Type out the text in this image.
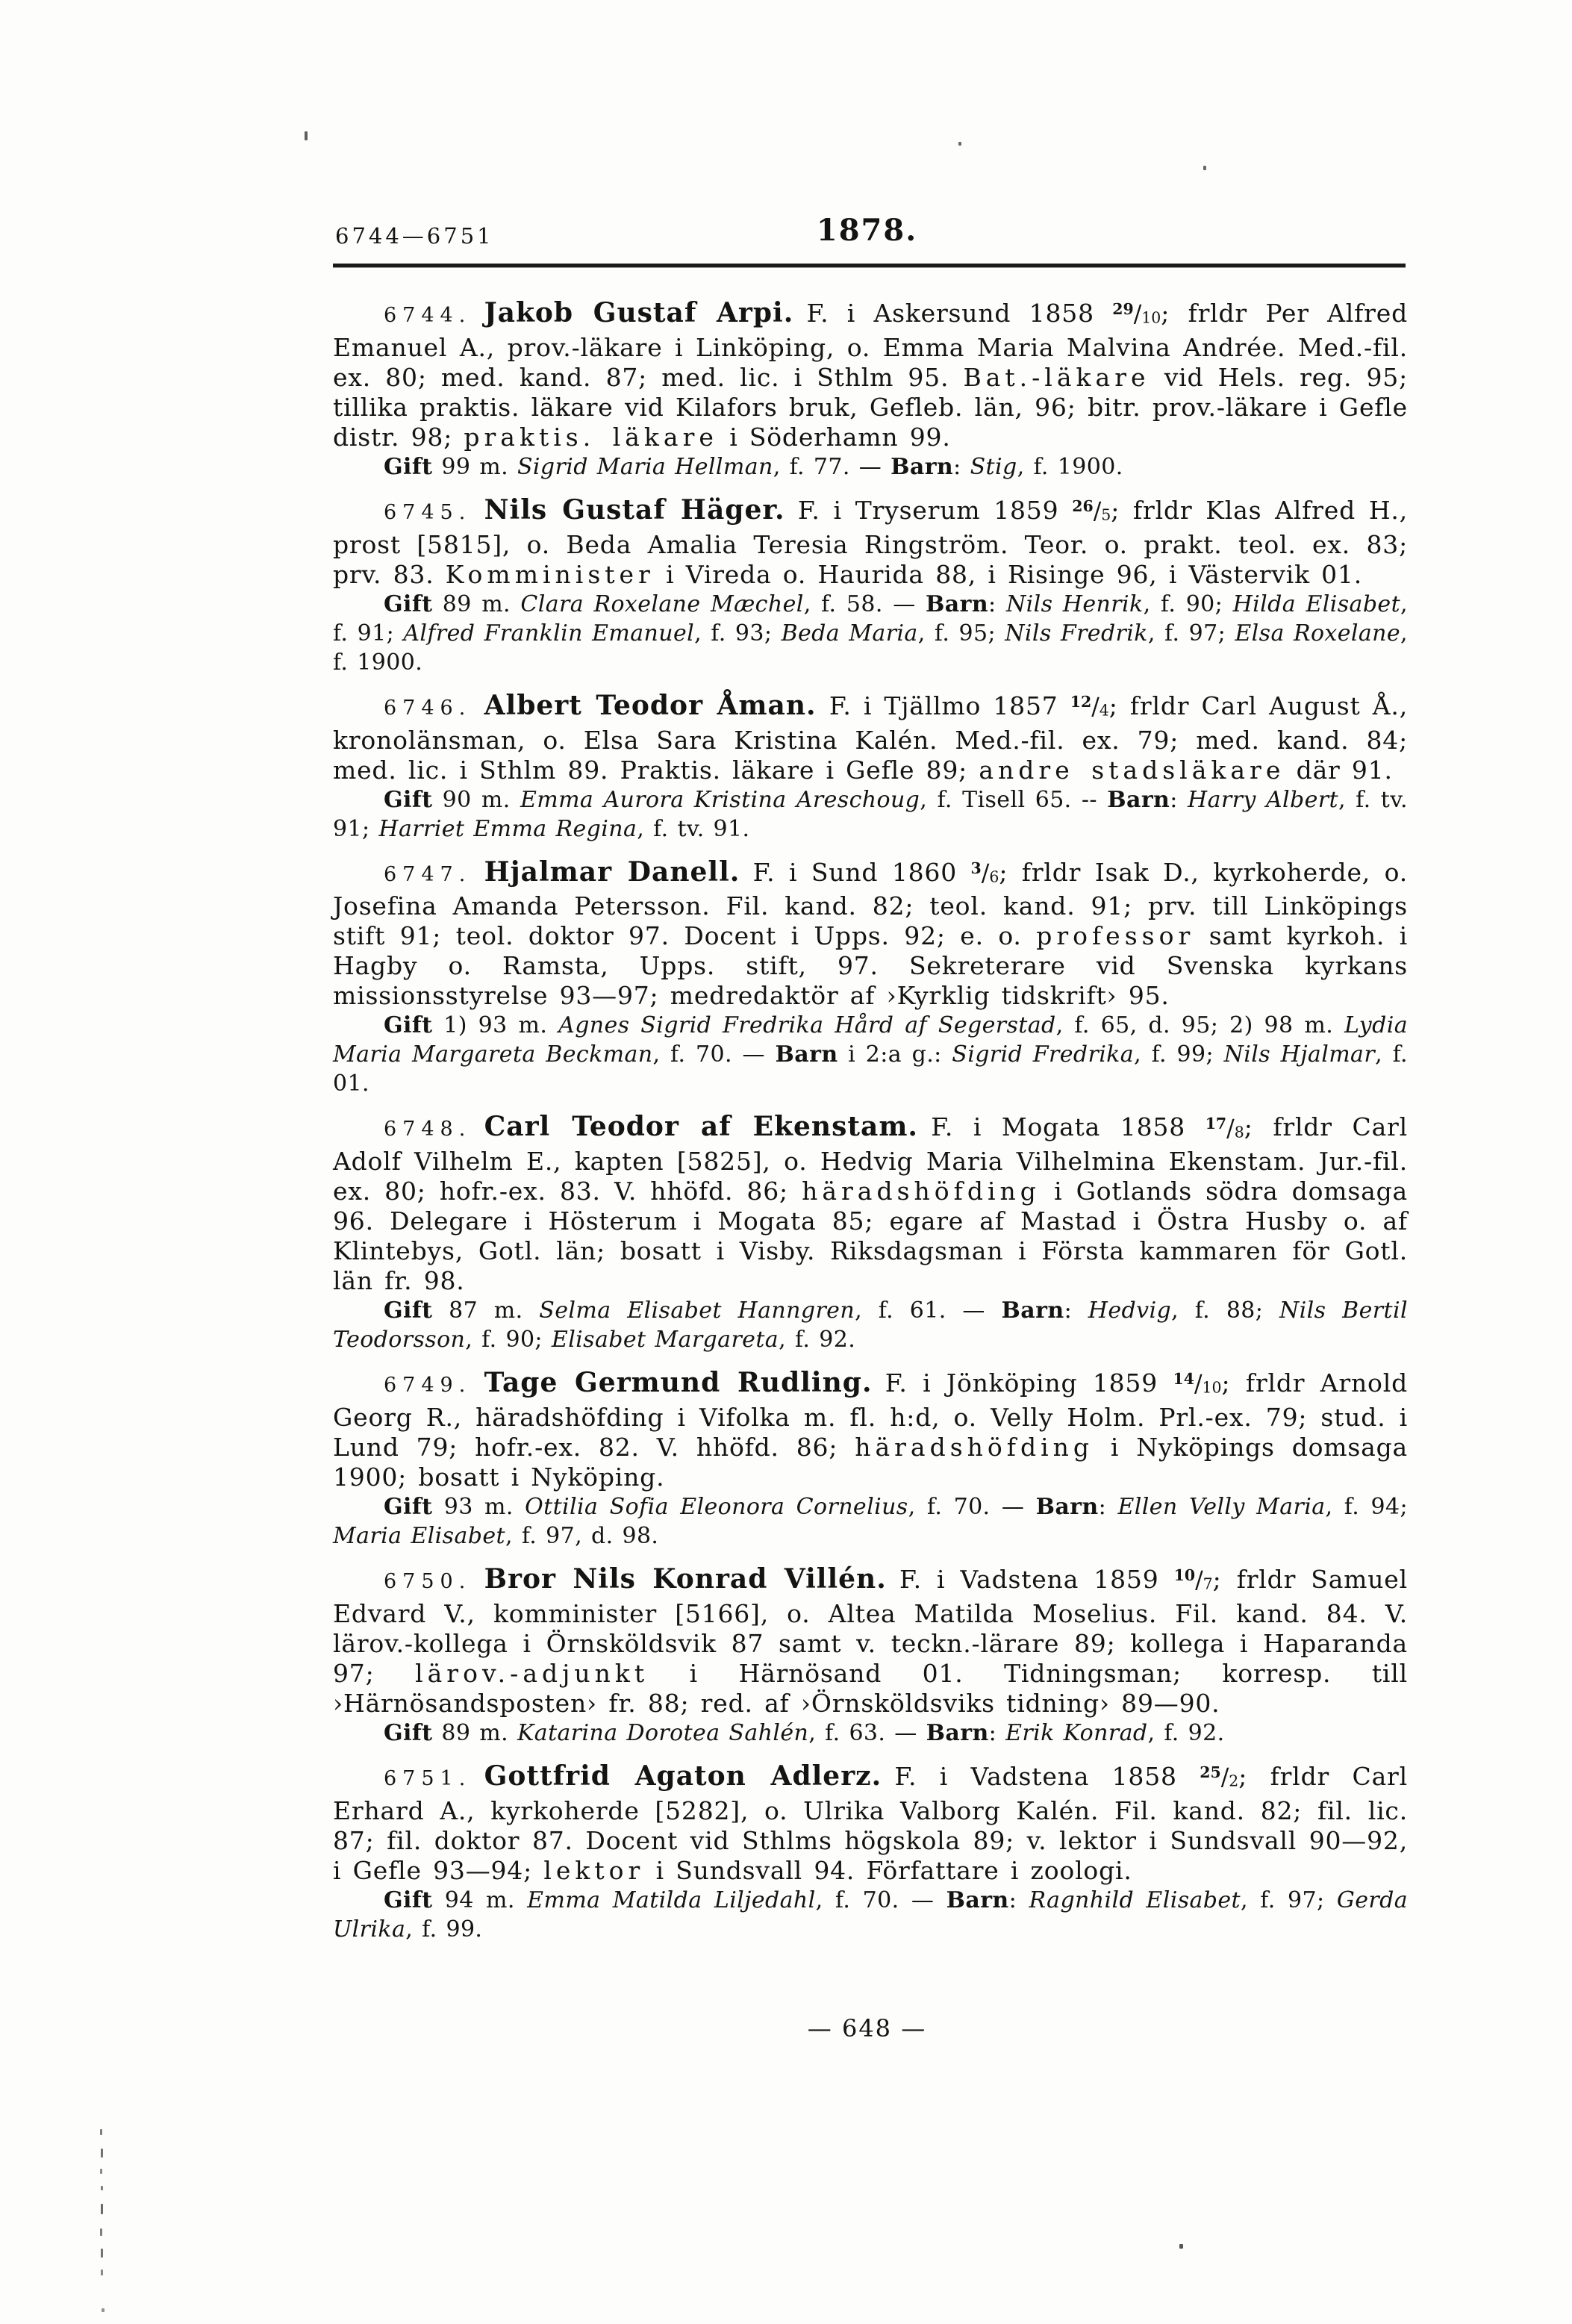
6744—6751	1878.

6744.  Jakob Gustaf Arpi.  F. i Askersund 1858 $^{29}$/10; frldr Per Alfred Emanuel A., prov.-läkare i Linköping, o. Emma Maria Malvina Andrée. Med.-fil. ex. 80; med. kand. 87; med. lic. i Sthlm 95. Bat.-läkare vid Hels. reg. 95; tillika praktis. läkare vid Kilafors bruk, Gefleb. län, 96; bitr. prov.-läkare i Gefle distr. 98; praktis. läkare i Söderhamn 99.

Gift 99 m. Sigrid Maria Hellman, f. 77. — Barn: Stig, f. 1900.

6745.  Nils Gustaf Häger.  F. i Tryserum 1859 $^{26}$/5; frldr Klas Alfred H., prost [5815], o. Beda Amalia Teresia Ringström. Teor. o. prakt. teol. ex. 83; prv. 83. Komminister i Vireda o. Haurida 88, i Risinge 96, i Västervik 01.

Gift 89 m. Clara Roxelane Mæchel, f. 58. — Barn: Nils Henrik, f. 90; Hilda Elisabet, f. 91; Alfred Franklin Emanuel, f. 93; Beda Maria, f. 95; Nils Fredrik, f. 97; Elsa Roxelane, f. 1900.

6746.  Albert Teodor Åman.  F. i Tjällmo 1857 $^{12}$/4; frldr Carl August Å., kronolänsman, o. Elsa Sara Kristina Kalén. Med.-fil. ex. 79; med. kand. 84; med. lic. i Sthlm 89. Praktis. läkare i Gefle 89; andre stadsläkare där 91.

Gift 90 m. Emma Aurora Kristina Areschoug, f. Tisell 65. -- Barn: Harry Albert, f. tv. 91; Harriet Emma Regina, f. tv. 91.

6747.  Hjalmar Danell.  F. i Sund 1860 $^3$/6; frldr Isak D., kyrkoherde, o. Josefina Amanda Petersson. Fil. kand. 82; teol. kand. 91; prv. till Linköpings stift 91; teol. doktor 97. Docent i Upps. 92; e. o. professor samt kyrkoh. i Hagby o. Ramsta, Upps. stift, 97. Sekreterare vid Svenska kyrkans missionsstyrelse 93—97; medredaktör af ›Kyrklig tidskrift› 95.

Gift 1) 93 m. Agnes Sigrid Fredrika Hård af Segerstad, f. 65, d. 95; 2) 98 m. Lydia Maria Margareta Beckman, f. 70. — Barn i 2:a g.: Sigrid Fredrika, f. 99; Nils Hjalmar, f. 01.

6748.  Carl Teodor af Ekenstam.  F. i Mogata 1858 $^{17}$/8; frldr Carl Adolf Vilhelm E., kapten [5825], o. Hedvig Maria Vilhelmina Ekenstam. Jur.-fil. ex. 80; hofr.-ex. 83. V. hhöfd. 86; häradshöfding i Gotlands södra domsaga 96. Delegare i Hösterum i Mogata 85; egare af Mastad i Östra Husby o. af Klintebys, Gotl. län; bosatt i Visby. Riksdagsman i Första kammaren för Gotl. län fr. 98.

Gift 87 m. Selma Elisabet Hanngren, f. 61. — Barn: Hedvig, f. 88; Nils Bertil Teodorsson, f. 90; Elisabet Margareta, f. 92.

6749.  Tage Germund Rudling.  F. i Jönköping 1859 $^{14}$/10; frldr Arnold Georg R., häradshöfding i Vifolka m. fl. h:d, o. Velly Holm. Prl.-ex. 79; stud. i Lund 79; hofr.-ex. 82. V. hhöfd. 86; häradshöfding i Nyköpings domsaga 1900; bosatt i Nyköping.

Gift 93 m. Ottilia Sofia Eleonora Cornelius, f. 70. — Barn: Ellen Velly Maria, f. 94; Maria Elisabet, f. 97, d. 98.

6750.  Bror Nils Konrad Villén.  F. i Vadstena 1859 $^{10}$/7; frldr Samuel Edvard V., komminister [5166], o. Altea Matilda Moselius. Fil. kand. 84. V. lärov.-kollega i Örnsköldsvik 87 samt v. teckn.-lärare 89; kollega i Haparanda 97; lärov.-adjunkt i Härnösand 01. Tidningsman; korresp. till ›Härnösandsposten› fr. 88; red. af ›Örnsköldsviks tidning› 89—90.

Gift 89 m. Katarina Dorotea Sahlén, f. 63. — Barn: Erik Konrad, f. 92.

6751.  Gottfrid Agaton Adlerz.  F. i Vadstena 1858 $^{25}$/2; frldr Carl Erhard A., kyrkoherde [5282], o. Ulrika Valborg Kalén. Fil. kand. 82; fil. lic. 87; fil. doktor 87. Docent vid Sthlms högskola 89; v. lektor i Sundsvall 90—92, i Gefle 93—94; lektor i Sundsvall 94. Författare i zoologi.

Gift 94 m. Emma Matilda Liljedahl, f. 70. — Barn: Ragnhild Elisabet, f. 97; Gerda Ulrika, f. 99.

— 648 —
